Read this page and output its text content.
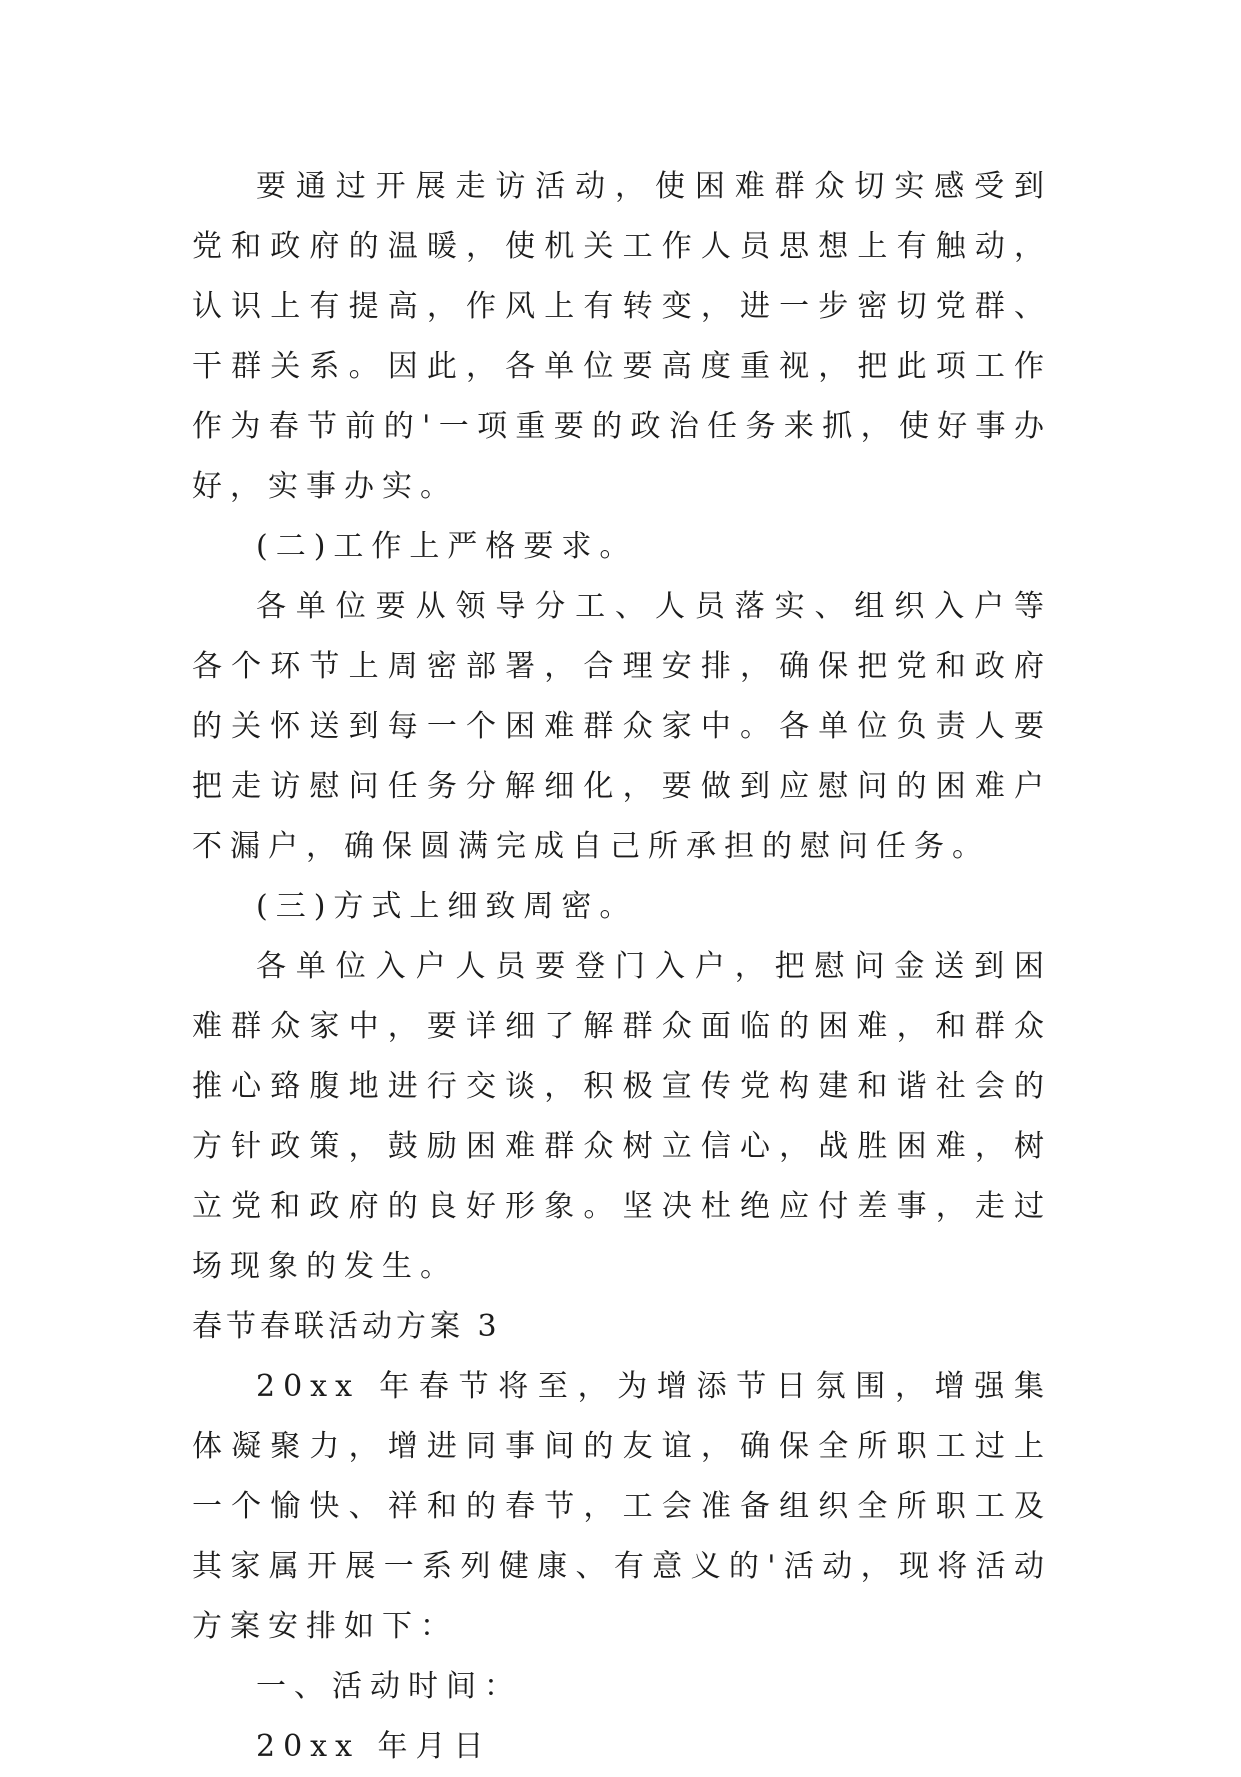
要通过开展走访活动，使困难群众切实感受到党和政府的温暖，使机关工作人员思想上有触动，认识上有提高，作风上有转变，进一步密切党群、干群关系。因此，各单位要高度重视，把此项工作作为春节前的'一项重要的政治任务来抓，使好事办好，实事办实。

(二)工作上严格要求。

各单位要从领导分工、人员落实、组织入户等各个环节上周密部署，合理安排，确保把党和政府的关怀送到每一个困难群众家中。各单位负责人要把走访慰问任务分解细化，要做到应慰问的困难户不漏户，确保圆满完成自己所承担的慰问任务。

(三)方式上细致周密。

各单位入户人员要登门入户，把慰问金送到困难群众家中，要详细了解群众面临的困难，和群众推心臵腹地进行交谈，积极宣传党构建和谐社会的方针政策，鼓励困难群众树立信心，战胜困难，树立党和政府的良好形象。坚决杜绝应付差事，走过场现象的发生。

春节春联活动方案 3

20xx 年春节将至，为增添节日氛围，增强集体凝聚力，增进同事间的友谊，确保全所职工过上一个愉快、祥和的春节，工会准备组织全所职工及其家属开展一系列健康、有意义的'活动，现将活动方案安排如下：

一、活动时间：

20xx 年月日
